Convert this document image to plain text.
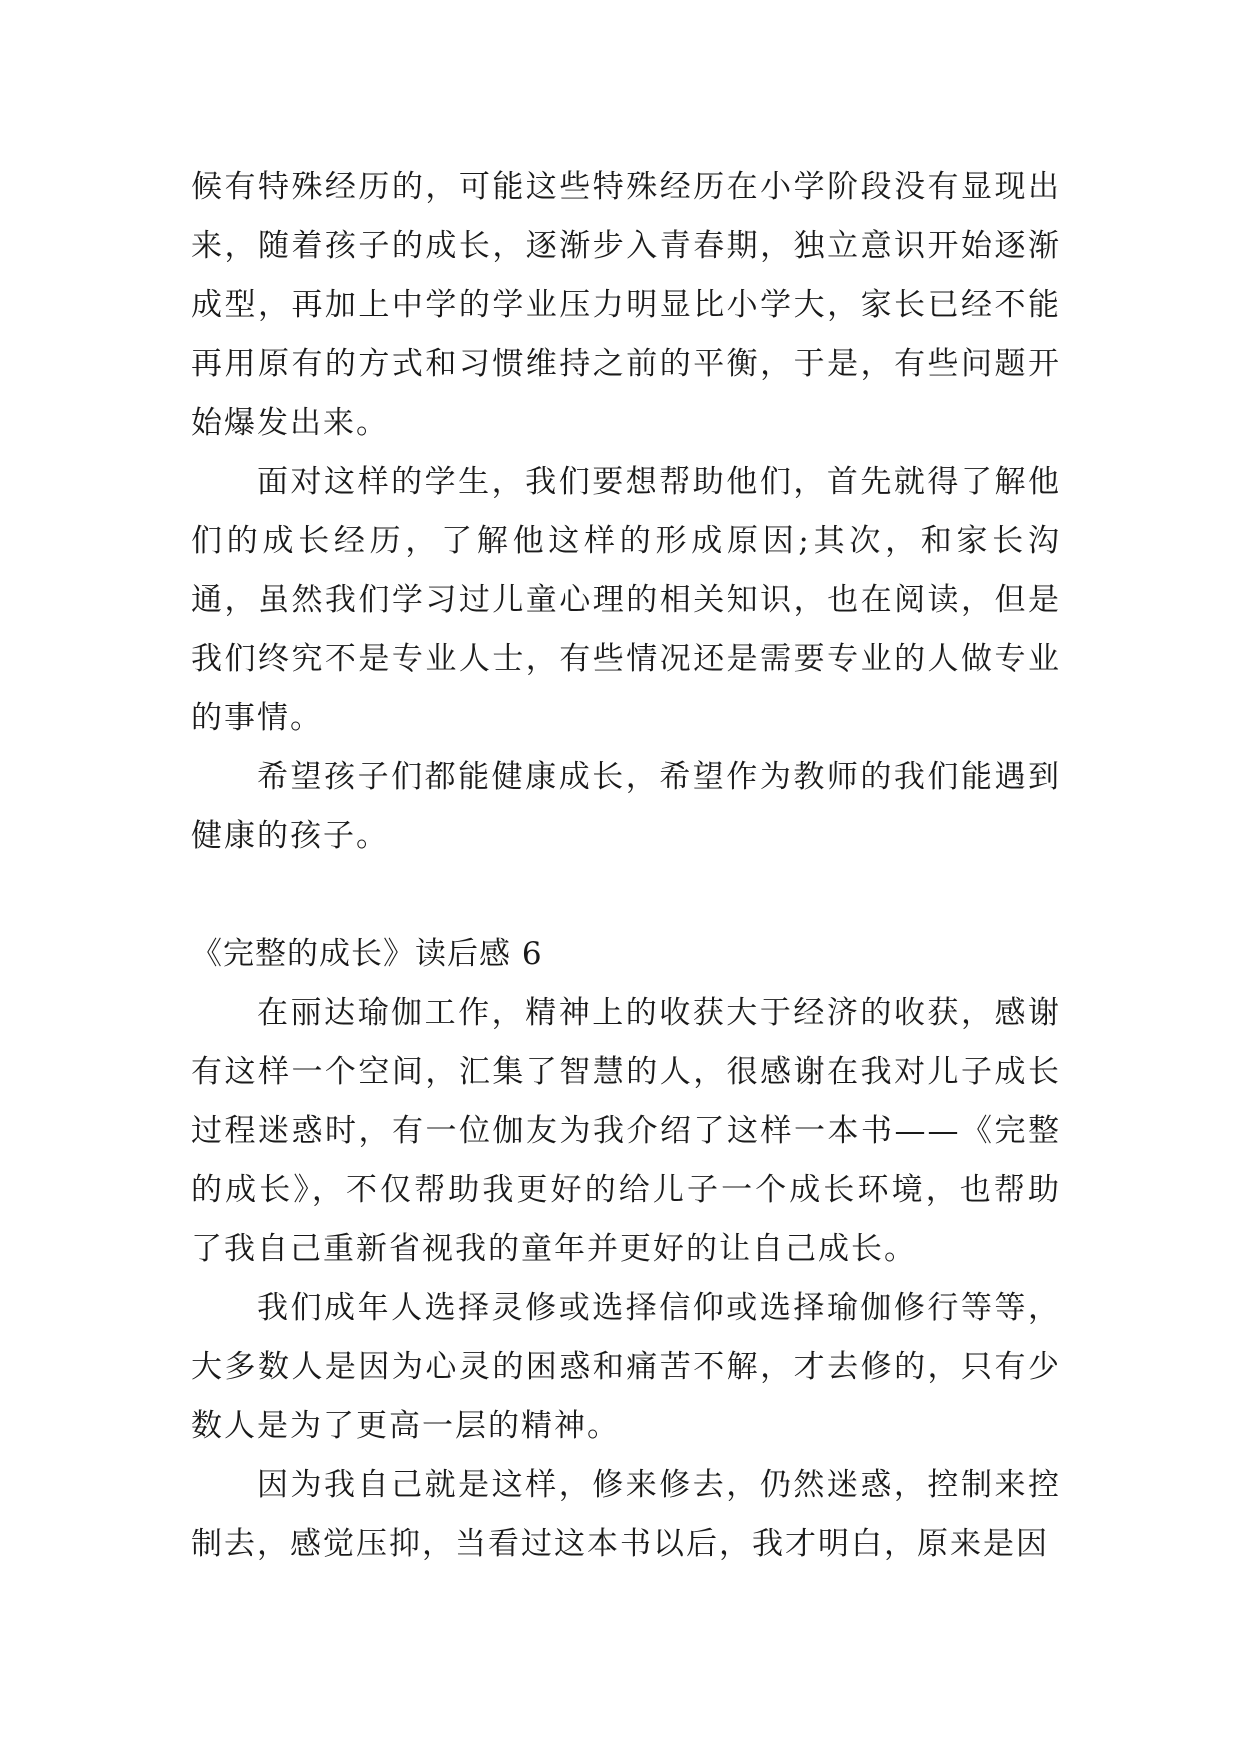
候有特殊经历的，可能这些特殊经历在小学阶段没有显现出来，随着孩子的成长，逐渐步入青春期，独立意识开始逐渐成型，再加上中学的学业压力明显比小学大，家长已经不能再用原有的方式和习惯维持之前的平衡，于是，有些问题开始爆发出来。

面对这样的学生，我们要想帮助他们，首先就得了解他们的成长经历，了解他这样的形成原因;其次，和家长沟通，虽然我们学习过儿童心理的相关知识，也在阅读，但是我们终究不是专业人士，有些情况还是需要专业的人做专业的事情。

希望孩子们都能健康成长，希望作为教师的我们能遇到健康的孩子。

《完整的成长》读后感 6

在丽达瑜伽工作，精神上的收获大于经济的收获，感谢有这样一个空间，汇集了智慧的人，很感谢在我对儿子成长过程迷惑时，有一位伽友为我介绍了这样一本书——《完整的成长》，不仅帮助我更好的给儿子一个成长环境，也帮助了我自己重新省视我的童年并更好的让自己成长。

我们成年人选择灵修或选择信仰或选择瑜伽修行等等，大多数人是因为心灵的困惑和痛苦不解，才去修的，只有少数人是为了更高一层的精神。

因为我自己就是这样，修来修去，仍然迷惑，控制来控制去，感觉压抑，当看过这本书以后，我才明白，原来是因
